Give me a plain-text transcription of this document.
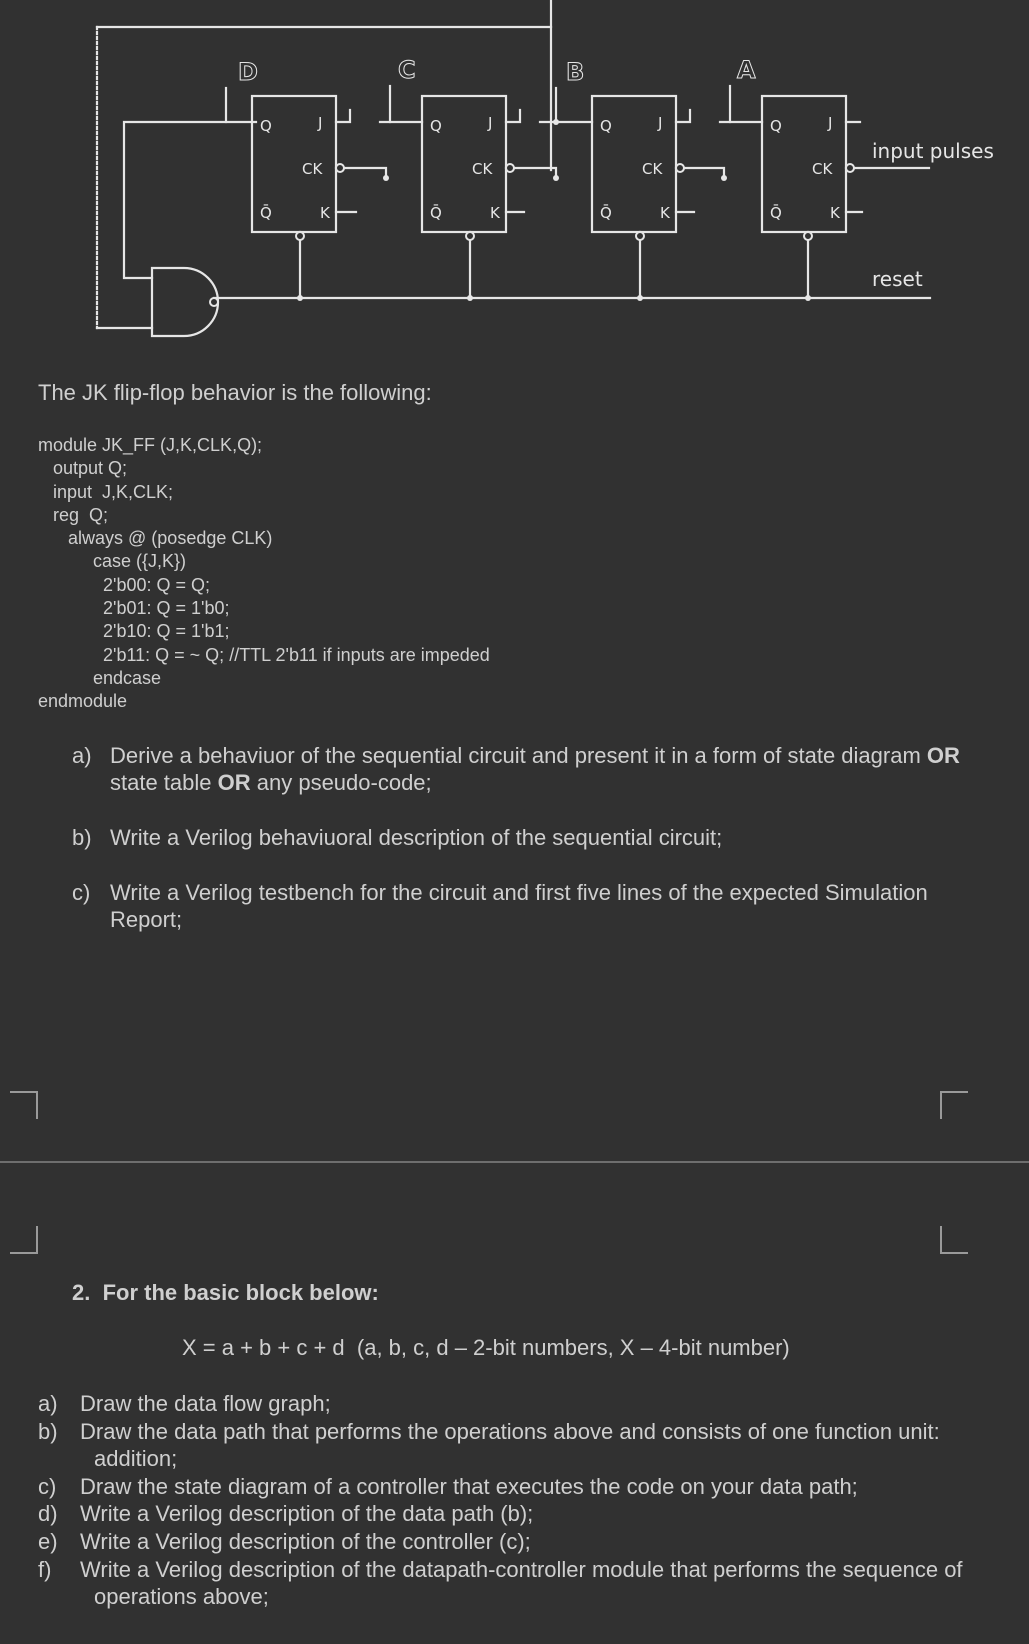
D	C	B	A
Q	J
CK
Q̄	K
Q	J
CK
Q̄	K
Q	J
CK
Q̄	K
Q	J
CK
Q̄	K
input pulses
reset
The JK flip-flop behavior is the following:
module JK_FF (J,K,CLK,Q);
output Q;
input  J,K,CLK;
reg  Q;
always @ (posedge CLK)
case ({J,K})
2'b00: Q = Q;
2'b01: Q = 1'b0;
2'b10: Q = 1'b1;
2'b11: Q = ~ Q; //TTL 2'b11 if inputs are impeded
endcase
endmodule
a) Derive a behaviuor of the sequential circuit and present it in a form of state diagram OR state table OR any pseudo-code;
b) Write a Verilog behaviuoral description of the sequential circuit;
c) Write a Verilog testbench for the circuit and first five lines of the expected Simulation Report;
2.  For the basic block below:
X = a + b + c + d  (a, b, c, d – 2-bit numbers, X – 4-bit number)
a) Draw the data flow graph;
b) Draw the data path that performs the operations above and consists of one function unit: addition;
c) Draw the state diagram of a controller that executes the code on your data path;
d) Write a Verilog description of the data path (b);
e) Write a Verilog description of the controller (c);
f) Write a Verilog description of the datapath-controller module that performs the sequence of operations above;
